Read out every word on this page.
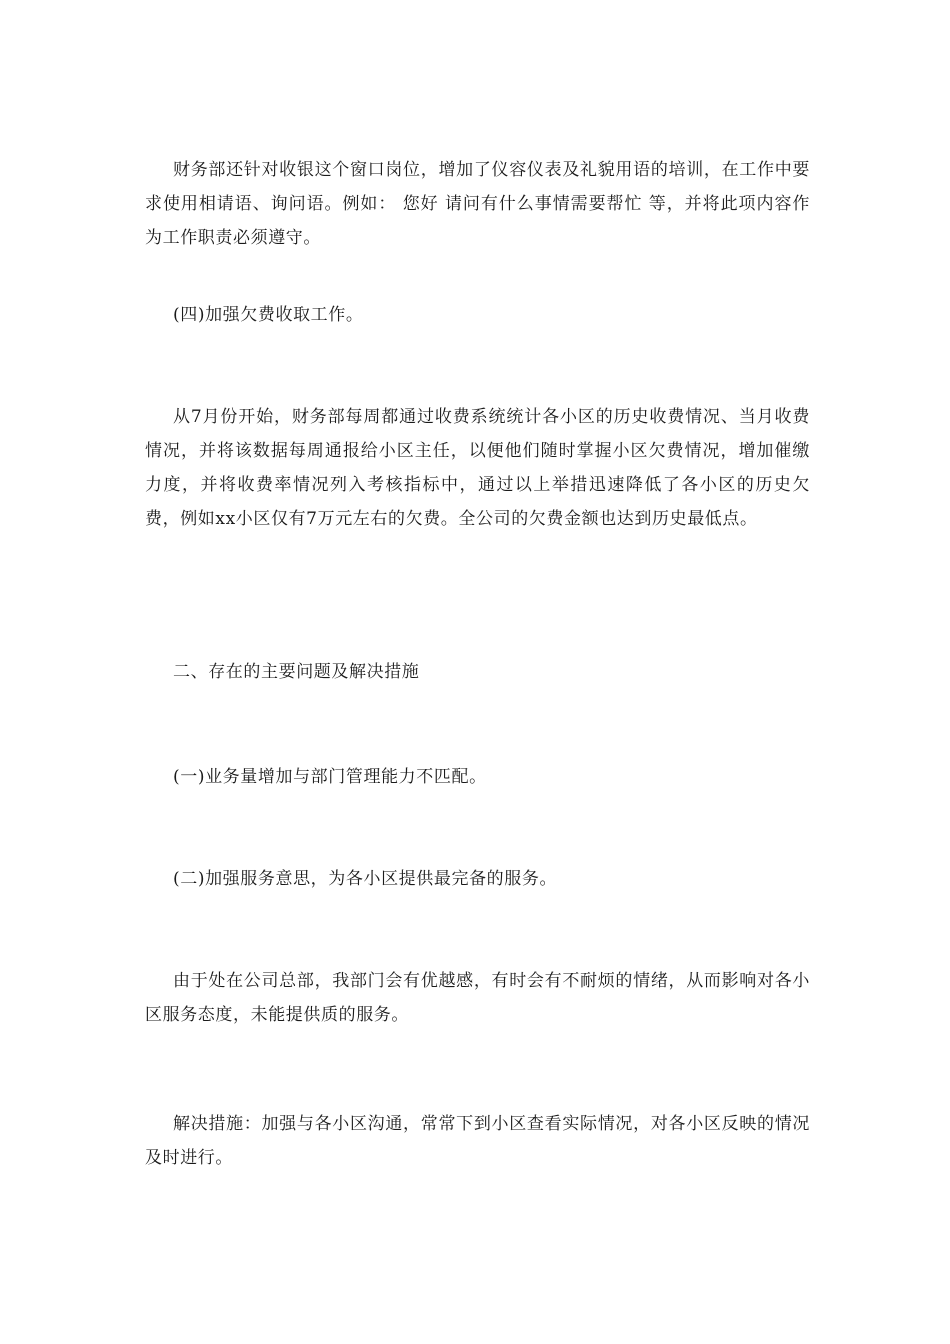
财务部还针对收银这个窗口岗位，增加了仪容仪表及礼貌用语的培训，在工作中要求使用相请语、询问语。例如： 您好 请问有什么事情需要帮忙 等，并将此项内容作为工作职责必须遵守。

(四)加强欠费收取工作。

从7月份开始，财务部每周都通过收费系统统计各小区的历史收费情况、当月收费情况，并将该数据每周通报给小区主任，以便他们随时掌握小区欠费情况，增加催缴力度，并将收费率情况列入考核指标中，通过以上举措迅速降低了各小区的历史欠费，例如xx小区仅有7万元左右的欠费。全公司的欠费金额也达到历史最低点。

二、存在的主要问题及解决措施

(一)业务量增加与部门管理能力不匹配。

(二)加强服务意思，为各小区提供最完备的服务。

由于处在公司总部，我部门会有优越感，有时会有不耐烦的情绪，从而影响对各小区服务态度，未能提供质的服务。

解决措施：加强与各小区沟通，常常下到小区查看实际情况，对各小区反映的情况及时进行。
